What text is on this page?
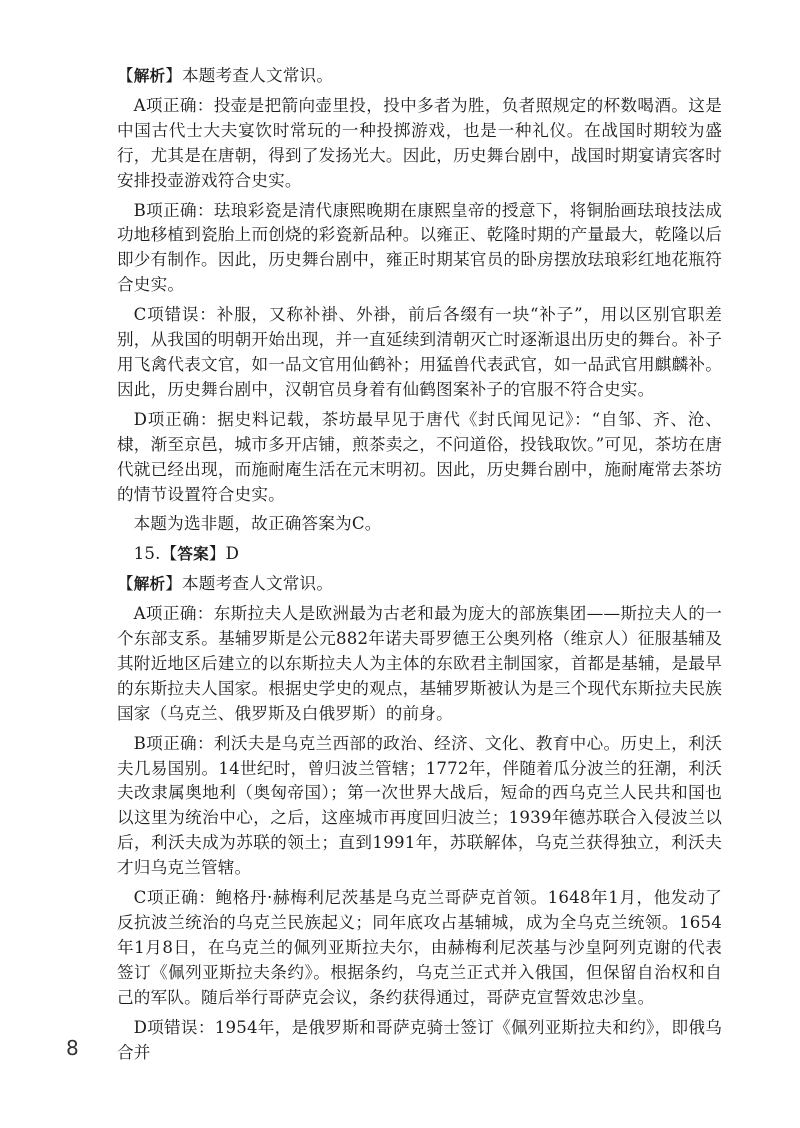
【解析】本题考查人文常识。

A项正确：投壶是把箭向壶里投，投中多者为胜，负者照规定的杯数喝酒。这是中国古代士大夫宴饮时常玩的一种投掷游戏，也是一种礼仪。在战国时期较为盛行，尤其是在唐朝，得到了发扬光大。因此，历史舞台剧中，战国时期宴请宾客时安排投壶游戏符合史实。

B项正确：珐琅彩瓷是清代康熙晚期在康熙皇帝的授意下，将铜胎画珐琅技法成功地移植到瓷胎上而创烧的彩瓷新品种。以雍正、乾隆时期的产量最大，乾隆以后即少有制作。因此，历史舞台剧中，雍正时期某官员的卧房摆放珐琅彩红地花瓶符合史实。

C项错误：补服，又称补褂、外褂，前后各缀有一块“补子”，用以区别官职差别，从我国的明朝开始出现，并一直延续到清朝灭亡时逐渐退出历史的舞台。补子用飞禽代表文官，如一品文官用仙鹤补；用猛兽代表武官，如一品武官用麒麟补。因此，历史舞台剧中，汉朝官员身着有仙鹤图案补子的官服不符合史实。

D项正确：据史料记载，茶坊最早见于唐代《封氏闻见记》：“自邹、齐、沧、棣，渐至京邑，城市多开店铺，煎茶卖之，不问道俗，投钱取饮。”可见，茶坊在唐代就已经出现，而施耐庵生活在元末明初。因此，历史舞台剧中，施耐庵常去茶坊的情节设置符合史实。

本题为选非题，故正确答案为C。

15.【答案】D

【解析】本题考查人文常识。

A项正确：东斯拉夫人是欧洲最为古老和最为庞大的部族集团——斯拉夫人的一个东部支系。基辅罗斯是公元882年诺夫哥罗德王公奥列格（维京人）征服基辅及其附近地区后建立的以东斯拉夫人为主体的东欧君主制国家，首都是基辅，是最早的东斯拉夫人国家。根据史学史的观点，基辅罗斯被认为是三个现代东斯拉夫民族国家（乌克兰、俄罗斯及白俄罗斯）的前身。

B项正确：利沃夫是乌克兰西部的政治、经济、文化、教育中心。历史上，利沃夫几易国别。14世纪时，曾归波兰管辖；1772年，伴随着瓜分波兰的狂潮，利沃夫改隶属奥地利（奥匈帝国）；第一次世界大战后，短命的西乌克兰人民共和国也以这里为统治中心，之后，这座城市再度回归波兰；1939年德苏联合入侵波兰以后，利沃夫成为苏联的领土；直到1991年，苏联解体，乌克兰获得独立，利沃夫才归乌克兰管辖。

C项正确：鲍格丹·赫梅利尼茨基是乌克兰哥萨克首领。1648年1月，他发动了反抗波兰统治的乌克兰民族起义；同年底攻占基辅城，成为全乌克兰统领。1654年1月8日，在乌克兰的佩列亚斯拉夫尔，由赫梅利尼茨基与沙皇阿列克谢的代表签订《佩列亚斯拉夫条约》。根据条约，乌克兰正式并入俄国，但保留自治权和自己的军队。随后举行哥萨克会议，条约获得通过，哥萨克宣誓效忠沙皇。

D项错误：1954年，是俄罗斯和哥萨克骑士签订《佩列亚斯拉夫和约》，即俄乌合并

8
